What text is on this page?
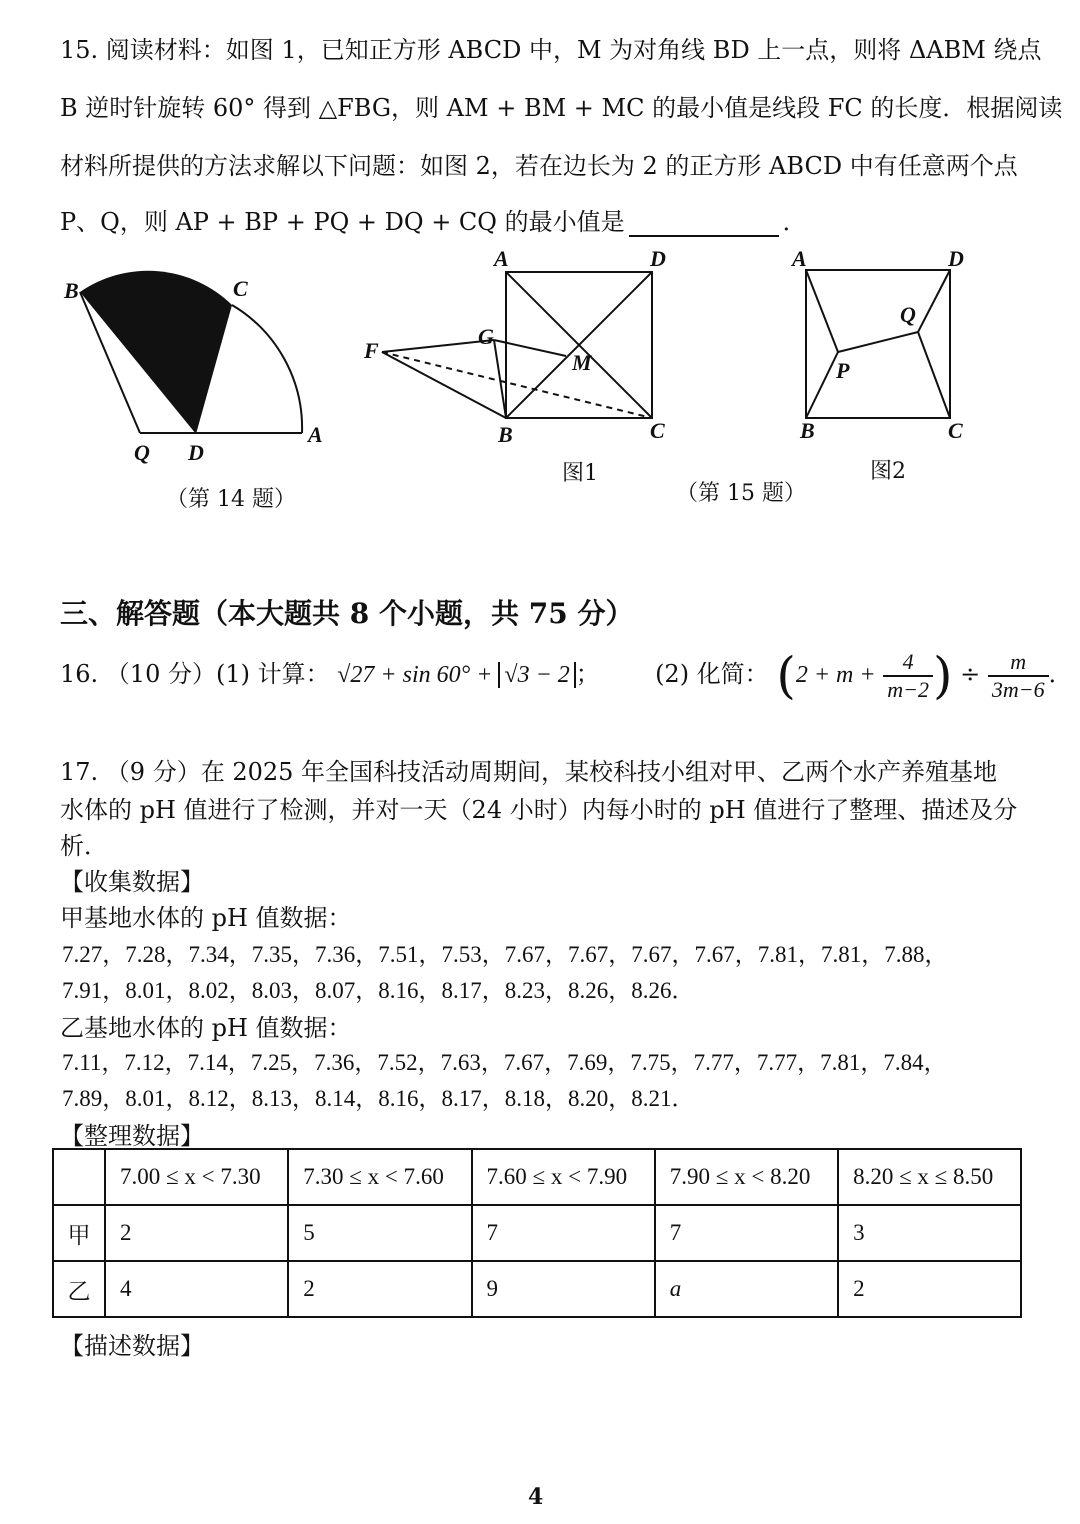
15. 阅读材料：如图 1，已知正方形 ABCD 中，M 为对角线 BD 上一点，则将 ΔABM 绕点
B 逆时针旋转 60° 得到 △FBG，则 AM + BM + MC 的最小值是线段 FC 的长度．根据阅读
材料所提供的方法求解以下问题：如图 2，若在边长为 2 的正方形 ABCD 中有任意两个点
P、Q，则 AP + BP + PQ + DQ + CQ 的最小值是	．
B	C
A
Q D
（第 14 题）
A	D
F
G
M
B	C
图1
A	D
Q
P
B	C
图2
（第 15 题）
三、解答题（本大题共 8 个小题，共 75 分）
16. （10 分）(1) 计算： √27 + sin 60° + √3 − 2 ； (2) 化简： ($2 + m + \frac{4}{m-2}$ ) ÷ $\frac{m}{3m-6}$ ．
17. （9 分）在 2025 年全国科技活动周期间，某校科技小组对甲、乙两个水产养殖基地
水体的 pH 值进行了检测，并对一天（24 小时）内每小时的 pH 值进行了整理、描述及分
析．
【收集数据】
甲基地水体的 pH 值数据：
7.27，7.28，7.34，7.35，7.36，7.51，7.53，7.67，7.67，7.67，7.67，7.81，7.81，7.88，
7.91，8.01，8.02，8.03，8.07，8.16，8.17，8.23，8.26，8.26．
乙基地水体的 pH 值数据：
7.11，7.12，7.14，7.25，7.36，7.52，7.63，7.67，7.69，7.75，7.77，7.77，7.81，7.84，
7.89，8.01，8.12，8.13，8.14，8.16，8.17，8.18，8.20，8.21．
【整理数据】
	7.00 ≤ x < 7.30	7.30 ≤ x < 7.60	7.60 ≤ x < 7.90	7.90 ≤ x < 8.20	8.20 ≤ x ≤ 8.50
甲	2	5	7	7	3
乙	4	2	9	a	2
【描述数据】
4
